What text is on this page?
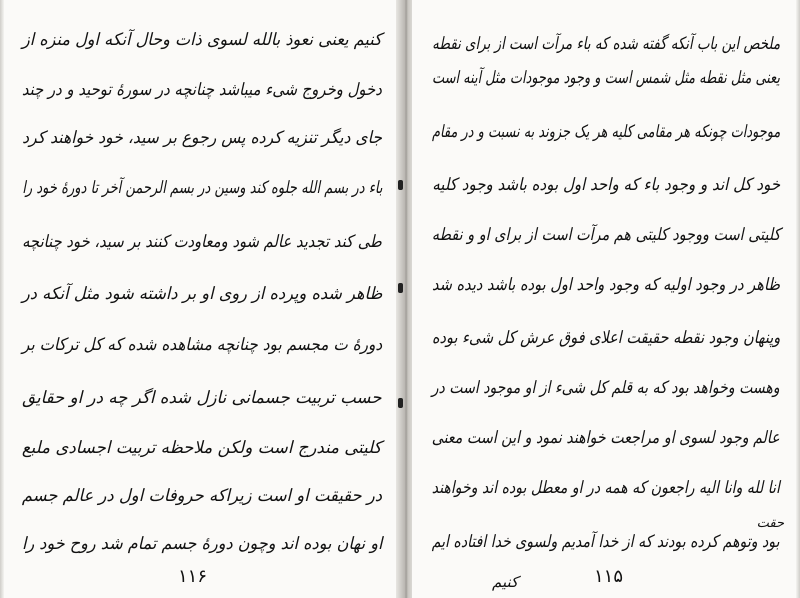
کنیم یعنی نعوذ بالله لسوی ذات وحال آنکه اول منزه از
دخول وخروج شیء میباشد چنانچه در سورۀ توحید و در چند
جای دیگر تنزیه کرده پس رجوع بر سید، خود خواهند کرد
باء در بسم الله جلوه کند وسین در بسم الرحمن آخر تا دورۀ خود را
طی کند تجدید عالم شود ومعاودت کنند بر سید، خود چنانچه
ظاهر شده وپرده از روی او بر داشته شود مثل آنکه در
دورۀ ت مجسم بود چنانچه مشاهده شده که کل ترکات بر
حسب تربیت جسمانی نازل شده اگر چه در او حقایق
کلیتی مندرج است ولکن ملاحظه تربیت اجسادی ملبع
در حقیقت او است زیراکه حروفات اول در عالم جسم
او نهان بوده اند وچون دورۀ جسم تمام شد روح خود را
۱۱۶
ملخص این باب آنکه گفته شده که باء مرآت است از برای نقطه
یعنی مثل نقطه مثل شمس است و وجود موجودات مثل آینه است
موجودات چونکه هر مقامی کلیه هر یک جزوند به نسبت و در مقام
خود کل اند و وجود باء که واحد اول بوده باشد وجود کلیه
کلیتی است ووجود کلیتی هم مرآت است از برای او و نقطه
ظاهر در وجود اولیه که وجود واحد اول بوده باشد دیده شد
وپنهان وجود نقطه حقیقت اعلای فوق عرش کل شیء بوده
وهست وخواهد بود که به قلم کل شیء از او موجود است در
عالم وجود لسوی او مراجعت خواهند نمود و این است معنی
انا لله وانا الیه راجعون که همه در او معطل بوده اند وخواهند
بود وتوهم کرده بودند که از خدا آمدیم ولسوی خدا افتاده ایم
حقت
کنیم	۱۱۵
